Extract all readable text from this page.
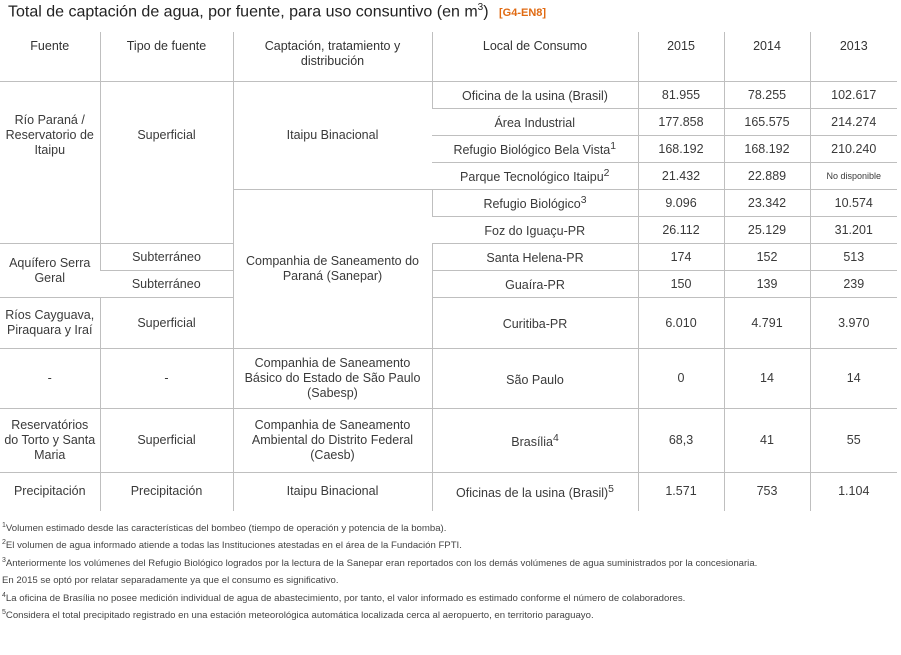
Total de captación de agua, por fuente, para uso consuntivo (en $m^3$) [G4-EN8]
Fuente	Tipo de fuente	Captación, tratamiento y distribución	Local de Consumo	2015	2014	2013
Río Paraná / Reservatorio de Itaipu	Superficial	Itaipu Binacional	Oficina de la usina (Brasil)	81.955	78.255	102.617
			Área Industrial	177.858	165.575	214.274
			Refugio Biológico Bela Vista$^1$	168.192	168.192	210.240
			Parque Tecnológico Itaipu$^2$	21.432	22.889	No disponible
		Companhia de Saneamento do Paraná (Sanepar)	Refugio Biológico$^3$	9.096	23.342	10.574
			Foz do Iguaçu-PR	26.112	25.129	31.201
Aquífero Serra Geral	Subterráneo		Santa Helena-PR	174	152	513
	Subterráneo		Guaíra-PR	150	139	239
Ríos Cayguava, Piraquara y Iraí	Superficial		Curitiba-PR	6.010	4.791	3.970
-	-	Companhia de Saneamento Básico do Estado de São Paulo (Sabesp)	São Paulo	0	14	14
Reservatórios do Torto y Santa Maria	Superficial	Companhia de Saneamento Ambiental do Distrito Federal (Caesb)	Brasília$^4$	68,3	41	55
Precipitación	Precipitación	Itaipu Binacional	Oficinas de la usina (Brasil)$^5$	1.571	753	1.104
$^1$Volumen estimado desde las características del bombeo (tiempo de operación y potencia de la bomba).
$^2$El volumen de agua informado atiende a todas las Instituciones atestadas en el área de la Fundación FPTI.
$^3$Anteriormente los volúmenes del Refugio Biológico logrados por la lectura de la Sanepar eran reportados con los demás volúmenes de agua suministrados por la concesionaria.
En 2015 se optó por relatar separadamente ya que el consumo es significativo.
$^4$La oficina de Brasília no posee medición individual de agua de abastecimiento, por tanto, el valor informado es estimado conforme el número de colaboradores.
$^5$Considera el total precipitado registrado en una estación meteorológica automática localizada cerca al aeropuerto, en territorio paraguayo.
